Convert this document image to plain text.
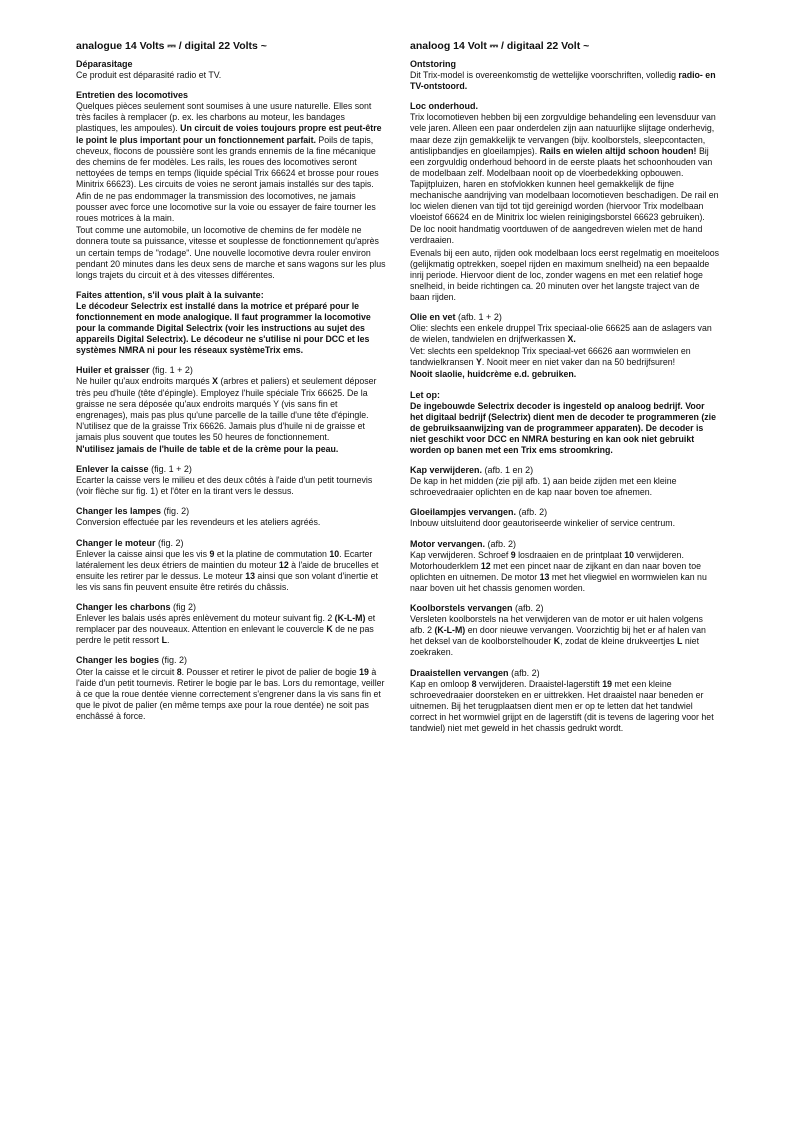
analogue 14 Volts ⎓ / digital 22 Volts ~
Déparasitage
Ce produit est déparasité radio et TV.
Entretien des locomotives
Quelques pièces seulement sont soumises à une usure naturelle. Elles sont très faciles à remplacer (p. ex. les charbons au moteur, les bandages plastiques, les ampoules). Un circuit de voies toujours propre est peut-être le point le plus important pour un fonctionnement parfait. Poils de tapis, cheveux, flocons de poussière sont les grands ennemis de la fine mécanique des chemins de fer modèles. Les rails, les roues des locomotives seront nettoyées de temps en temps (liquide spécial Trix 66624 et brosse pour roues Minitrix 66623). Les circuits de voies ne seront jamais installés sur des tapis.
Afin de ne pas endommager la transmission des locomotives, ne jamais pousser avec force une locomotive sur la voie ou essayer de faire tourner les roues motrices à la main.
Tout comme une automobile, un locomotive de chemins de fer modèle ne donnera toute sa puissance, vitesse et souplesse de fonctionnement qu'après un certain temps de "rodage". Une nouvelle locomotive devra rouler environ pendant 20 minutes dans les deux sens de marche et sans wagons sur les plus longs trajets du circuit et à des vitesses différentes.
Faites attention, s'il vous plaît à la suivante:
Le décodeur Selectrix est installé dans la motrice et préparé pour le fonctionnement en mode analogique. Il faut programmer la locomotive pour la commande Digital Selectrix (voir les instructions au sujet des appareils Digital Selectrix). Le décodeur ne s'utilise ni pour DCC et les systèmes NMRA ni pour les réseaux systèmeTrix ems.
Huiler et graisser (fig. 1 + 2)
Ne huiler qu'aux endroits marqués X (arbres et paliers) et seulement déposer très peu d'huile (tête d'épingle). Employez l'huile spéciale Trix 66625. De la graisse ne sera déposée qu'aux endroits marqués Y (vis sans fin et engrenages), mais pas plus qu'une parcelle de la taille d'une tête d'épingle. N'utilisez que de la graisse Trix 66626. Jamais plus d'huile ni de graisse et jamais plus souvent que toutes les 50 heures de fonctionnement.
N'utilisez jamais de l'huile de table et de la crème pour la peau.
Enlever la caisse (fig. 1 + 2)
Ecarter la caisse vers le milieu et des deux côtés à l'aide d'un petit tournevis (voir flèche sur fig. 1) et l'ôter en la tirant vers le dessus.
Changer les lampes (fig. 2)
Conversion effectuée par les revendeurs et les ateliers agréés.
Changer le moteur (fig. 2)
Enlever la caisse ainsi que les vis 9 et la platine de commutation 10. Ecarter latéralement les deux étriers de maintien du moteur 12 à l'aide de brucelles et ensuite les retirer par le dessus. Le moteur 13 ainsi que son volant d'inertie et les vis sans fin peuvent ensuite être retirés du châssis.
Changer les charbons (fig 2)
Enlever les balais usés après enlèvement du moteur suivant fig. 2 (K-L-M) et remplacer par des nouveaux. Attention en enlevant le couvercle K de ne pas perdre le petit ressort L.
Changer les bogies (fig. 2)
Oter la caisse et le circuit 8. Pousser et retirer le pivot de palier de bogie 19 à l'aide d'un petit tournevis. Retirer le bogie par le bas. Lors du remontage, veiller à ce que la roue dentée vienne correctement s'engrener dans la vis sans fin et que le pivot de palier (en même temps axe pour la roue dentée) ne soit pas enchâssé à force.
analoog 14 Volt ⎓ / digitaal 22 Volt ~
Ontstoring
Dit Trix-model is overeenkomstig de wettelijke voorschriften, volledig radio- en TV-ontstoord.
Loc onderhoud.
Trix locomotieven hebben bij een zorgvuldige behandeling een levensduur van vele jaren. Alleen een paar onderdelen zijn aan natuurlijke slijtage onderhevig, maar deze zijn gemakkelijk te vervangen (bijv. koolborstels, sleepcontacten, antislipbandjes en gloeilampjes). Rails en wielen altijd schoon houden! Bij een zorgvuldig onderhoud behoord in de eerste plaats het schoonhouden van de modelbaan zelf. Modelbaan nooit op de vloerbedekking opbouwen. Tapijtpluizen, haren en stofvlokken kunnen heel gemakkelijk de fijne mechanische aandrijving van modelbaan locomotieven beschadigen. De rail en loc wielen dienen van tijd tot tijd gereinigd worden (hiervoor Trix modelbaan vloeistof 66624 en de Minitrix loc wielen reinigingsborstel 66623 gebruiken).
De loc nooit handmatig voortduwen of de aangedreven wielen met de hand verdraaien.
Evenals bij een auto, rijden ook modelbaan locs eerst regelmatig en moeiteloos (gelijkmatig optrekken, soepel rijden en maximum snelheid) na een bepaalde inrij periode. Hiervoor dient de loc, zonder wagens en met een relatief hoge snelheid, in beide richtingen ca. 20 minuten over het langste traject van de baan rijden.
Olie en vet (afb. 1 + 2)
Olie: slechts een enkele druppel Trix speciaal-olie 66625 aan de aslagers van de wielen, tandwielen en drijfwerkassen X.
Vet: slechts een speldeknop Trix speciaal-vet 66626 aan wormwielen en tandwielkransen Y. Nooit meer en niet vaker dan na 50 bedrijfsuren!
Nooit slaolie, huidcrème e.d. gebruiken.
Let op:
De ingebouwde Selectrix decoder is ingesteld op analoog bedrijf. Voor het digitaal bedrijf (Selectrix) dient men de decoder te programmeren (zie de gebruiksaanwijzing van de programmeer apparaten). De decoder is niet geschikt voor DCC en NMRA besturing en kan ook niet gebruikt worden op banen met een Trix ems stroomkring.
Kap verwijderen. (afb. 1 en 2)
De kap in het midden (zie pijl afb. 1) aan beide zijden met een kleine schroevedraaier oplichten en de kap naar boven toe afnemen.
Gloeilampjes vervangen. (afb. 2)
Inbouw uitsluitend door geautoriseerde winkelier of service centrum.
Motor vervangen. (afb. 2)
Kap verwijderen. Schroef 9 losdraaien en de printplaat 10 verwijderen. Motorhouderklem 12 met een pincet naar de zijkant en dan naar boven toe oplichten en uitnemen. De motor 13 met het vliegwiel en wormwielen kan nu naar boven uit het chassis genomen worden.
Koolborstels vervangen (afb. 2)
Versleten koolborstels na het verwijderen van de motor er uit halen volgens afb. 2 (K-L-M) en door nieuwe vervangen. Voorzichtig bij het er af halen van het deksel van de koolborstelhouder K, zodat de kleine drukveertjes L niet zoekraken.
Draaistellen vervangen (afb. 2)
Kap en omloop 8 verwijderen. Draaistel-lagerstift 19 met een kleine schroevedraaier doorsteken en er uittrekken. Het draaistel naar beneden er uitnemen. Bij het terugplaatsen dient men er op te letten dat het tandwiel correct in het wormwiel grijpt en de lagerstift (dit is tevens de lagering voor het tandwiel) niet met geweld in het chassis gedrukt wordt.
